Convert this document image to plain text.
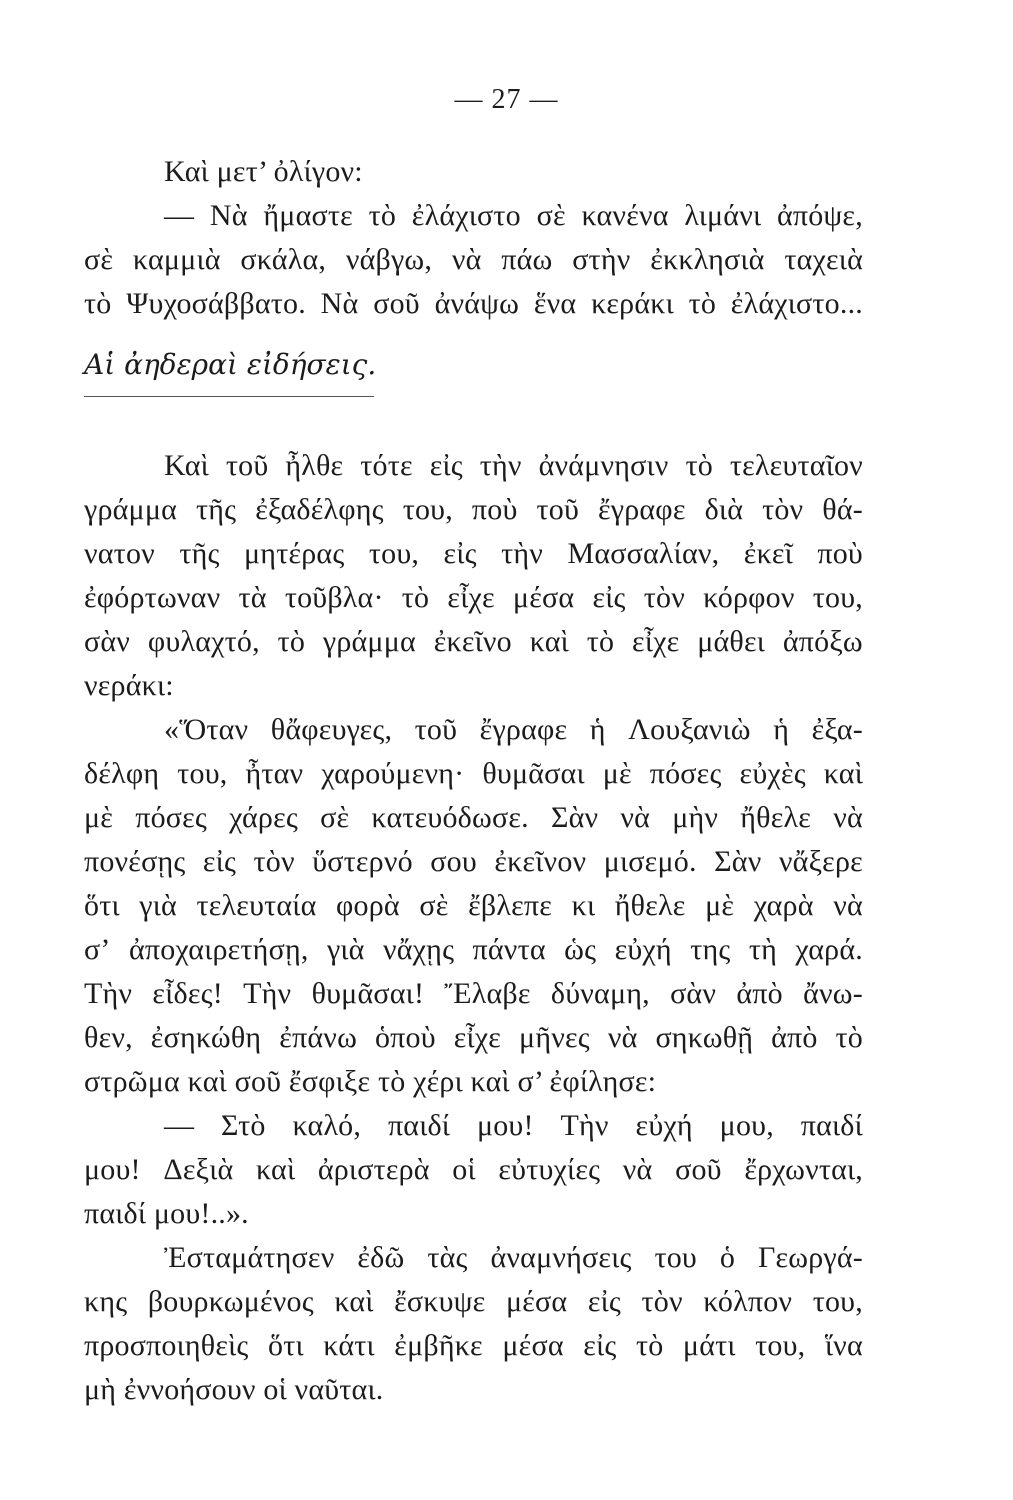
— 27 —
Καὶ μετ’ ὀλίγον:
— Νὰ ἤμαστε τὸ ἐλάχιστο σὲ κανένα λιμάνι ἀπόψε,
σὲ καμμιὰ σκάλα, νάβγω, νὰ πάω στὴν ἐκκλησιὰ ταχειὰ
τὸ Ψυχοσάββατο. Νὰ σοῦ ἀνάψω ἕνα κεράκι τὸ ἐλάχιστο...
Αἱ ἀηδεραὶ εἰδήσεις.
Καὶ τοῦ ἦλθε τότε εἰς τὴν ἀνάμνησιν τὸ τελευταῖον
γράμμα τῆς ἐξαδέλφης του, ποὺ τοῦ ἔγραφε διὰ τὸν θά-
νατον τῆς μητέρας του, εἰς τὴν Μασσαλίαν, ἐκεῖ ποὺ
ἐφόρτωναν τὰ τοῦβλα· τὸ εἶχε μέσα εἰς τὸν κόρφον του,
σὰν φυλαχτό, τὸ γράμμα ἐκεῖνο καὶ τὸ εἶχε μάθει ἀπόξω
νεράκι:
«Ὅταν θἄφευγες, τοῦ ἔγραφε ἡ Λουξανιὼ ἡ ἐξα-
δέλφη του, ἦταν χαρούμενη· θυμᾶσαι μὲ πόσες εὐχὲς καὶ
μὲ πόσες χάρες σὲ κατευόδωσε. Σὰν νὰ μὴν ἤθελε νὰ
πονέσῃς εἰς τὸν ὕστερνό σου ἐκεῖνον μισεμό. Σὰν νἄξερε
ὅτι γιὰ τελευταία φορὰ σὲ ἔβλεπε κι ἤθελε μὲ χαρὰ νὰ
σ’ ἀποχαιρετήσῃ, γιὰ νἄχῃς πάντα ὡς εὐχή της τὴ χαρά.
Τὴν εἶδες! Τὴν θυμᾶσαι! Ἔλαβε δύναμη, σὰν ἀπὸ ἄνω-
θεν, ἐσηκώθη ἐπάνω ὁποὺ εἶχε μῆνες νὰ σηκωθῇ ἀπὸ τὸ
στρῶμα καὶ σοῦ ἔσφιξε τὸ χέρι καὶ σ’ ἐφίλησε:
— Στὸ καλό, παιδί μου! Τὴν εὐχή μου, παιδί
μου! Δεξιὰ καὶ ἀριστερὰ οἱ εὐτυχίες νὰ σοῦ ἔρχωνται,
παιδί μου!..».
Ἐσταμάτησεν ἐδῶ τὰς ἀναμνήσεις του ὁ Γεωργά-
κης βουρκωμένος καὶ ἔσκυψε μέσα εἰς τὸν κόλπον του,
προσποιηθεὶς ὅτι κάτι ἐμβῆκε μέσα εἰς τὸ μάτι του, ἵνα
μὴ ἐννοήσουν οἱ ναῦται.
